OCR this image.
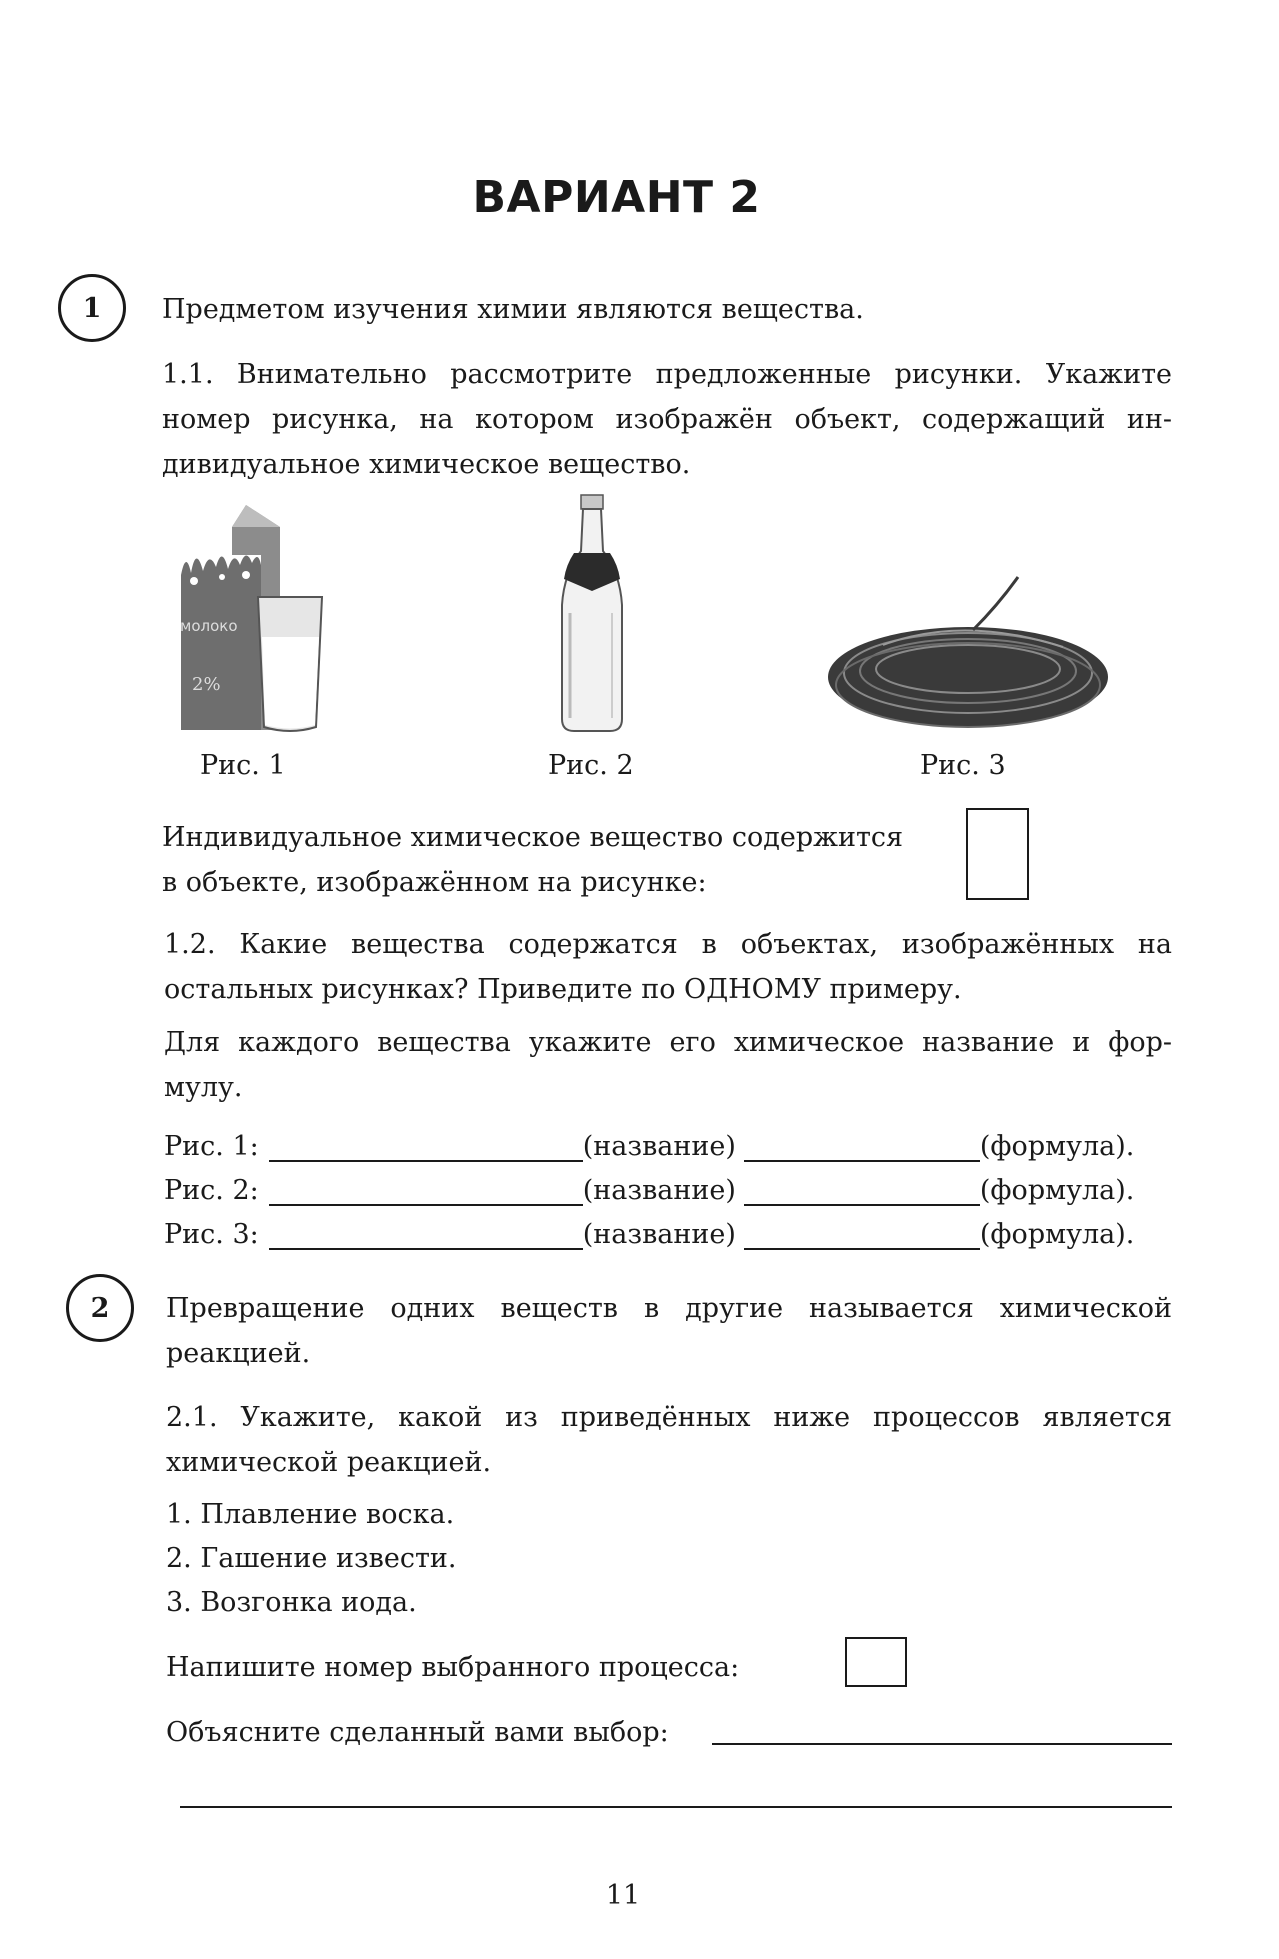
ВАРИАНТ 2
1	Предметом изучения химии являются вещества.
1.1. Внимательно рассмотрите предложенные рисунки. Укажите
номер рисунка, на котором изображён объект, содержащий ин-
дивидуальное химическое вещество.
молоко
2%
Рис. 1	Рис. 2	Рис. 3
Индивидуальное химическое вещество содержится
в объекте, изображённом на рисунке:
1.2. Какие вещества содержатся в объектах, изображённых на
остальных рисунках? Приведите по ОДНОМУ примеру.
Для каждого вещества укажите его химическое название и фор-
мулу.
Рис. 1:	(название)	(формула).
Рис. 2:	(название)	(формула).
Рис. 3:	(название)	(формула).
2	Превращение одних веществ в другие называется химической
реакцией.
2.1. Укажите, какой из приведённых ниже процессов является
химической реакцией.
1. Плавление воска.
2. Гашение извести.
3. Возгонка иода.
Напишите номер выбранного процесса:
Объясните сделанный вами выбор:
11
